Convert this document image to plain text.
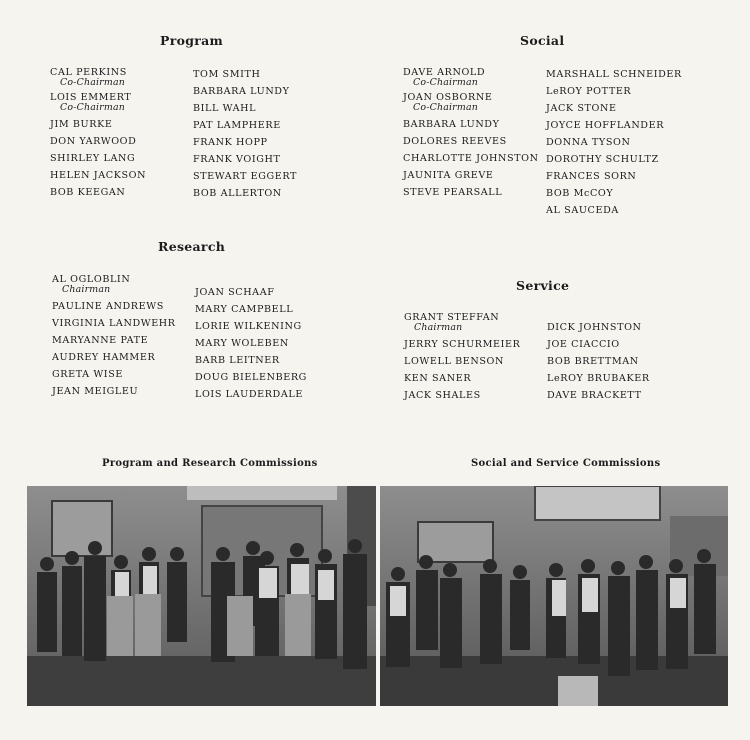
Program
CAL PERKINS
Co-Chairman
LOIS EMMERT
Co-Chairman
JIM BURKE
DON YARWOOD
SHIRLEY LANG
HELEN JACKSON
BOB KEEGAN
TOM SMITH
BARBARA LUNDY
BILL WAHL
PAT LAMPHERE
FRANK HOPP
FRANK VOIGHT
STEWART EGGERT
BOB ALLERTON
Social
DAVE ARNOLD
Co-Chairman
JOAN OSBORNE
Co-Chairman
BARBARA LUNDY
DOLORES REEVES
CHARLOTTE JOHNSTON
JAUNITA GREVE
STEVE PEARSALL
MARSHALL SCHNEIDER
LeROY POTTER
JACK STONE
JOYCE HOFFLANDER
DONNA TYSON
DOROTHY SCHULTZ
FRANCES SORN
BOB McCOY
AL SAUCEDA
Research
AL OGLOBLIN
Chairman
PAULINE ANDREWS
VIRGINIA LANDWEHR
MARYANNE PATE
AUDREY HAMMER
GRETA WISE
JEAN MEIGLEU
JOAN SCHAAF
MARY CAMPBELL
LORIE WILKENING
MARY WOLEBEN
BARB LEITNER
DOUG BIELENBERG
LOIS LAUDERDALE
Service
GRANT STEFFAN
Chairman
JERRY SCHURMEIER
LOWELL BENSON
KEN SANER
JACK SHALES
DICK JOHNSTON
JOE CIACCIO
BOB BRETTMAN
LeROY BRUBAKER
DAVE BRACKETT

Program and Research Commissions	Social and Service Commissions
